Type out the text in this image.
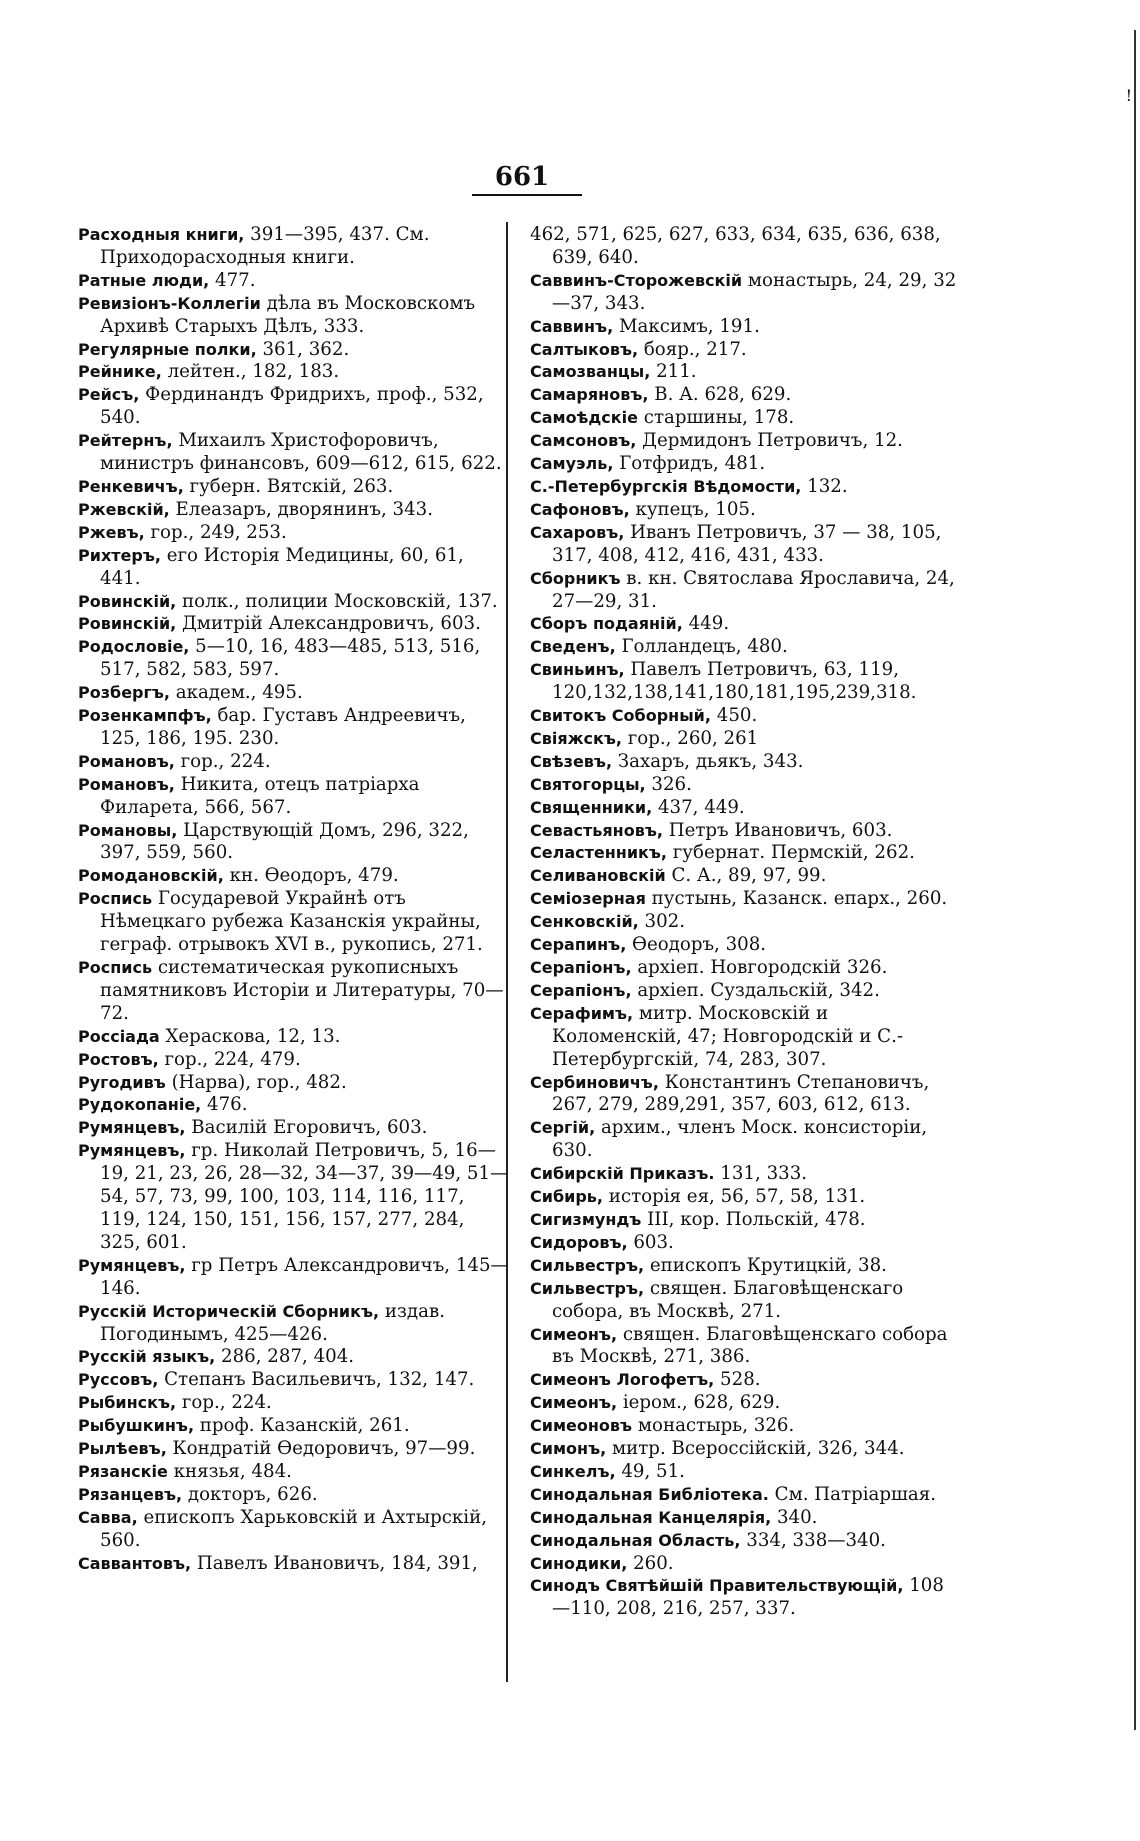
!
661

Расходныя книги, 391—395, 437. См. Приходорасходныя книги.

Ратные люди, 477.

Ревизіонъ-Коллегіи дѣла въ Московскомъ Архивѣ Старыхъ Дѣлъ, 333.

Регулярные полки, 361, 362.

Рейнике, лейтен., 182, 183.

Рейсъ, Фердинандъ Фридрихъ, проф., 532, 540.

Рейтернъ, Михаилъ Христофоровичъ, министръ финансовъ, 609—612, 615, 622.

Ренкевичъ, губерн. Вятскій, 263.

Ржевскій, Елеазаръ, дворянинъ, 343.

Ржевъ, гор., 249, 253.

Рихтеръ, его Исторія Медицины, 60, 61, 441.

Ровинскій, полк., полиции Московскій, 137.

Ровинскій, Дмитрій Александровичъ, 603.

Родословіе, 5—10, 16, 483—485, 513, 516, 517, 582, 583, 597.

Розбергъ, академ., 495.

Розенкампфъ, бар. Густавъ Андреевичъ, 125, 186, 195. 230.

Романовъ, гор., 224.

Романовъ, Никита, отецъ патріарха Филарета, 566, 567.

Романовы, Царствующій Домъ, 296, 322, 397, 559, 560.

Ромодановскій, кн. Ѳеодоръ, 479.

Роспись Государевой Украйнѣ отъ Нѣмецкаго рубежа Казанскія украйны, геграф. отрывокъ XVI в., рукопись, 271.

Роспись систематическая рукописныхъ памятниковъ Исторіи и Литературы, 70—72.

Россіада Хераскова, 12, 13.

Ростовъ, гор., 224, 479.

Ругодивъ (Нарва), гор., 482.

Рудокопаніе, 476.

Румянцевъ, Василій Егоровичъ, 603.

Румянцевъ, гр. Николай Петровичъ, 5, 16—19, 21, 23, 26, 28—32, 34—37, 39—49, 51—54, 57, 73, 99, 100, 103, 114, 116, 117, 119, 124, 150, 151, 156, 157, 277, 284, 325, 601.

Румянцевъ, гр Петръ Александровичъ, 145—146.

Русскій Историческій Сборникъ, издав. Погодинымъ, 425—426.

Русскій языкъ, 286, 287, 404.

Руссовъ, Степанъ Васильевичъ, 132, 147.

Рыбинскъ, гор., 224.

Рыбушкинъ, проф. Казанскій, 261.

Рылѣевъ, Кондратій Ѳедоровичъ, 97—99.

Рязанскіе князья, 484.

Рязанцевъ, докторъ, 626.

Савва, епископъ Харьковскій и Ахтырскій, 560.

Саввантовъ, Павелъ Ивановичъ, 184, 391,

462, 571, 625, 627, 633, 634, 635, 636, 638, 639, 640.

Саввинъ-Сторожевскій монастырь, 24, 29, 32—37, 343.

Саввинъ, Максимъ, 191.

Салтыковъ, бояр., 217.

Самозванцы, 211.

Самаряновъ, В. А. 628, 629.

Самоѣдскіе старшины, 178.

Самсоновъ, Дермидонъ Петровичъ, 12.

Самуэль, Готфридъ, 481.

С.-Петербургскія Вѣдомости, 132.

Сафоновъ, купецъ, 105.

Сахаровъ, Иванъ Петровичъ, 37 — 38, 105, 317, 408, 412, 416, 431, 433.

Сборникъ в. кн. Святослава Ярославича, 24, 27—29, 31.

Сборъ подаяній, 449.

Сведенъ, Голландецъ, 480.

Свиньинъ, Павелъ Петровичъ, 63, 119, 120,132,138,141,180,181,195,239,318.

Свитокъ Соборный, 450.

Свіяжскъ, гор., 260, 261

Свѣзевъ, Захаръ, дьякъ, 343.

Святогорцы, 326.

Священники, 437, 449.

Севастьяновъ, Петръ Ивановичъ, 603.

Селастенникъ, губернат. Пермскій, 262.

Селивановскій С. А., 89, 97, 99.

Семіозерная пустынь, Казанск. епарх., 260.

Сенковскій, 302.

Серапинъ, Ѳеодоръ, 308.

Серапіонъ, архіеп. Новгородскій 326.

Серапіонъ, архіеп. Суздальскій, 342.

Серафимъ, митр. Московскій и Коломенскій, 47; Новгородскій и С.-Петербургскій, 74, 283, 307.

Сербиновичъ, Константинъ Степановичъ, 267, 279, 289,291, 357, 603, 612, 613.

Сергій, архим., членъ Моск. консисторіи, 630.

Сибирскій Приказъ. 131, 333.

Сибирь, исторія ея, 56, 57, 58, 131.

Сигизмундъ III, кор. Польскій, 478.

Сидоровъ, 603.

Сильвестръ, епископъ Крутицкій, 38.

Сильвестръ, священ. Благовѣщенскаго собора, въ Москвѣ, 271.

Симеонъ, священ. Благовѣщенскаго собора въ Москвѣ, 271, 386.

Симеонъ Логофетъ, 528.

Симеонъ, іером., 628, 629.

Симеоновъ монастырь, 326.

Симонъ, митр. Всероссійскій, 326, 344.

Синкелъ, 49, 51.

Синодальная Библіотека. См. Патріаршая.

Синодальная Канцелярія, 340.

Синодальная Область, 334, 338—340.

Синодики, 260.

Синодъ Святѣйшій Правительствующій, 108—110, 208, 216, 257, 337.
